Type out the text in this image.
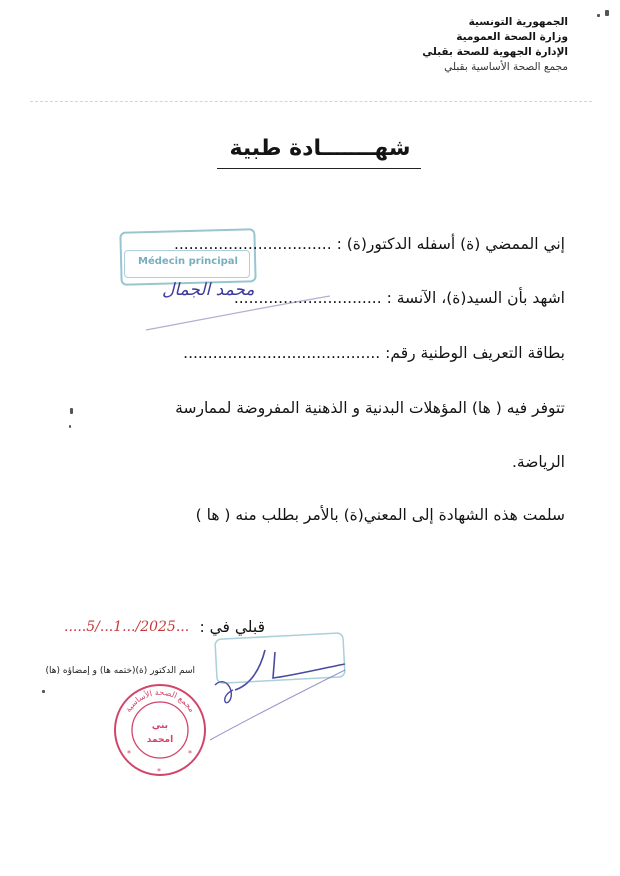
الجمهورية التونسية
وزارة الصحة العمومية
الإدارة الجهوية للصحة بقبلي
مجمع الصحة الأساسية بقبلي
شهـــــــادة طبية
Médecin principal
إني الممضي (ة) أسفله الدكتور(ة) : ................................
اشهد بأن السيد(ة)، الآنسة : ..............................
محمد الجمال
بطاقة التعريف الوطنية رقم: ........................................
تتوفر فيه ( ها) المؤهلات البدنية و الذهنية المفروضة لممارسة
الرياضة.
سلمت هذه الشهادة إلى المعني(ة) بالأمر بطلب منه ( ها )
قبلي في :
.....5/...1.../2025...
اسم الدكتور (ة)(ختمه ها) و إمضاؤه (ها)
مجمع الصحة الأساسية
بني
امحمد
*	*
*
